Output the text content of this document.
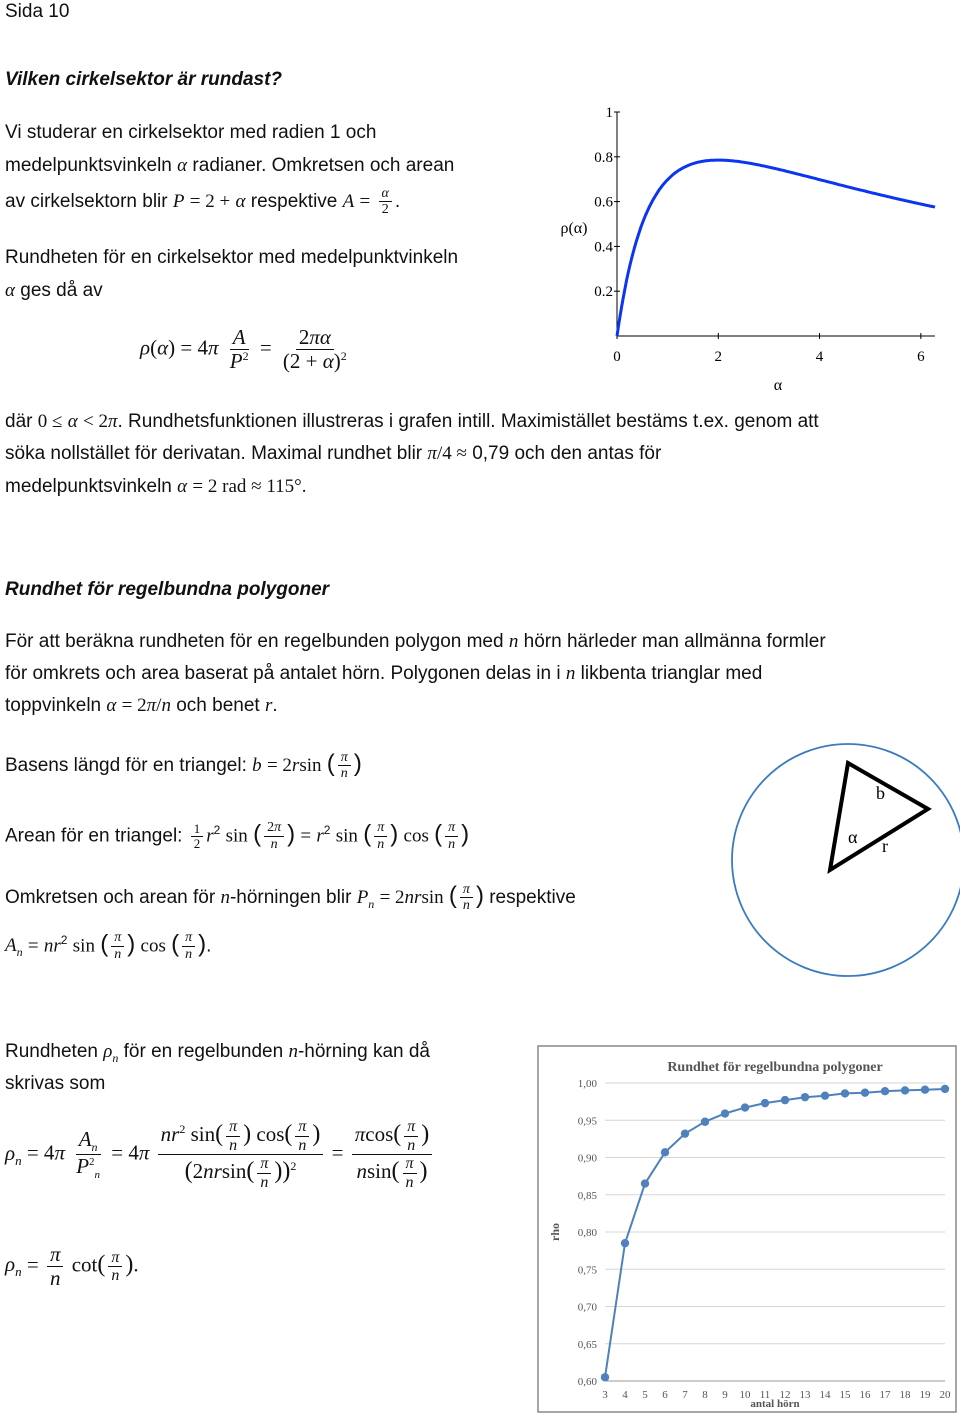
Sida 10
Vilken cirkelsektor är rundast?
Vi studerar en cirkelsektor med radien 1 och
medelpunktsvinkeln α radianer. Omkretsen och arean
av cirkelsektorn blir P = 2 + α respektive $A = \frac{\alpha}{2}$ .
Rundheten för en cirkelsektor med medelpunktvinkeln
α ges då av
$\rho(\alpha) = 4\pi \frac{A}{P^2} = \frac{2\pi\alpha}{(2 + \alpha)^2}$
där 0 ≤ α < 2π. Rundhetsfunktionen illustreras i grafen intill. Maximistället bestäms t.ex. genom att
söka nollstället för derivatan. Maximal rundhet blir π/4 ≈ 0,79 och den antas för
medelpunktsvinkeln α = 2 rad ≈ 115°.
0	2	4	6
0.2
0.4
0.6
0.8
1
α
ρ(α)
Rundhet för regelbundna polygoner
För att beräkna rundheten för en regelbunden polygon med n hörn härleder man allmänna formler
för omkrets och area baserat på antalet hörn. Polygonen delas in i n likbenta trianglar med
toppvinkeln α = 2π/n och benet r.
Basens längd för en triangel: b = 2rsin ( $\frac{\pi}{n}$ )
Arean för en triangel: $\frac{1}{2} r^2$ sin ( $\frac{2\pi}{n}$ ) = $r^2$ sin ( $\frac{\pi}{n}$ ) cos ( $\frac{\pi}{n}$ )
Omkretsen och arean för n-hörningen blir $P_n = 2nrsin$ ( $\frac{\pi}{n}$ ) respektive
$A_n = nr^2$ sin ( $\frac{\pi}{n}$ ) cos ( $\frac{\pi}{n}$ ).
b
α r
Rundheten $\rho_n$ för en regelbunden n-hörning kan då
skrivas som
$\rho_n = 4\pi \frac{A_n}{P^2_n} = 4\pi \frac{nr^2 \sin( \frac{\pi}{n} ) \cos( \frac{\pi}{n} )}{(2nrsin( \frac{\pi}{n} ))^2} = \frac{\pi\cos( \frac{\pi}{n} )}{nsin( \frac{\pi}{n} )}$
$\rho_n = \frac{\pi}{n} \cot( \frac{\pi}{n}$ ).
Rundhet för regelbundna polygoner
0,60
0,65
0,70
0,75
0,80
0,85
0,90
0,95
1,00
3 4 5 6 7 8 9 10 11 12 13 14 15 16 17 18 19 20
antal hörn
rho
